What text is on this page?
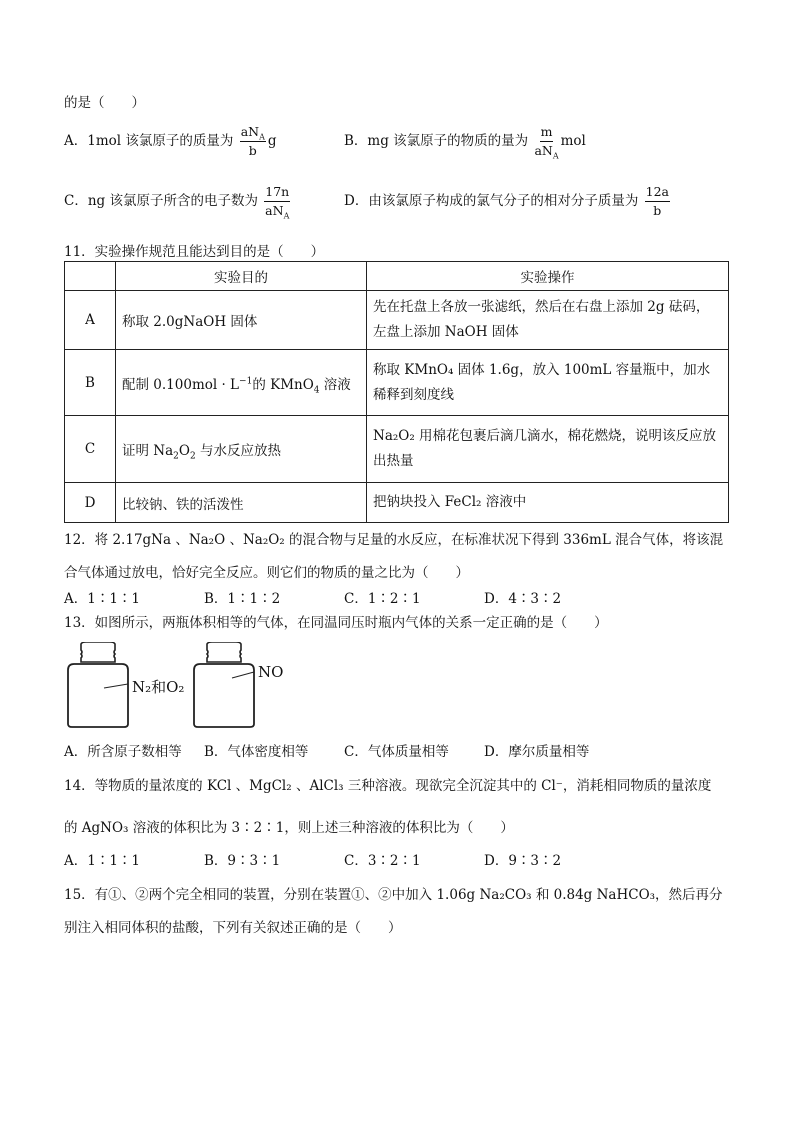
的是（　　）
A．1mol 该氯原子的质量为 $\frac{aN_A}{b}$ g	B．mg 该氯原子的物质的量为 $\frac{m}{aN_A}$ mol
C．ng 该氯原子所含的电子数为 $\frac{17n}{aN_A}$	D．由该氯原子构成的氯气分子的相对分子质量为 $\frac{12a}{b}$
11．实验操作规范且能达到目的是（　　）
	实验目的	实验操作
A	称取 2.0gNaOH 固体	先在托盘上各放一张滤纸，然后在右盘上添加 2g 砝码，左盘上添加 NaOH 固体
B	配制 $0.100mol \cdot L^{-1}$的 KMnO$_4$ 溶液	称取 KMnO₄ 固体 1.6g，放入 100mL 容量瓶中，加水稀释到刻度线
C	证明 $Na_2O_2$ 与水反应放热	Na₂O₂ 用棉花包裹后滴几滴水，棉花燃烧，说明该反应放出热量
D	比较钠、铁的活泼性	把钠块投入 FeCl₂ 溶液中
12．将 2.17gNa 、Na₂O 、Na₂O₂ 的混合物与足量的水反应，在标准状况下得到 336mL 混合气体，将该混
合气体通过放电，恰好完全反应。则它们的物质的量之比为（　　）
A．1∶1∶1	B．1∶1∶2	C．1∶2∶1	D．4∶3∶2
13．如图所示，两瓶体积相等的气体，在同温同压时瓶内气体的关系一定正确的是（　　）
N₂和O₂
NO
A．所含原子数相等 B．气体密度相等	C．气体质量相等	D．摩尔质量相等
14．等物质的量浓度的 KCl 、MgCl₂ 、AlCl₃ 三种溶液。现欲完全沉淀其中的 Cl⁻，消耗相同物质的量浓度
的 AgNO₃ 溶液的体积比为 3∶2∶1，则上述三种溶液的体积比为（　　）
A．1∶1∶1	B．9∶3∶1	C．3∶2∶1	D．9∶3∶2
15．有①、②两个完全相同的装置，分别在装置①、②中加入 1.06g Na₂CO₃ 和 0.84g NaHCO₃，然后再分
别注入相同体积的盐酸，下列有关叙述正确的是（　　）
